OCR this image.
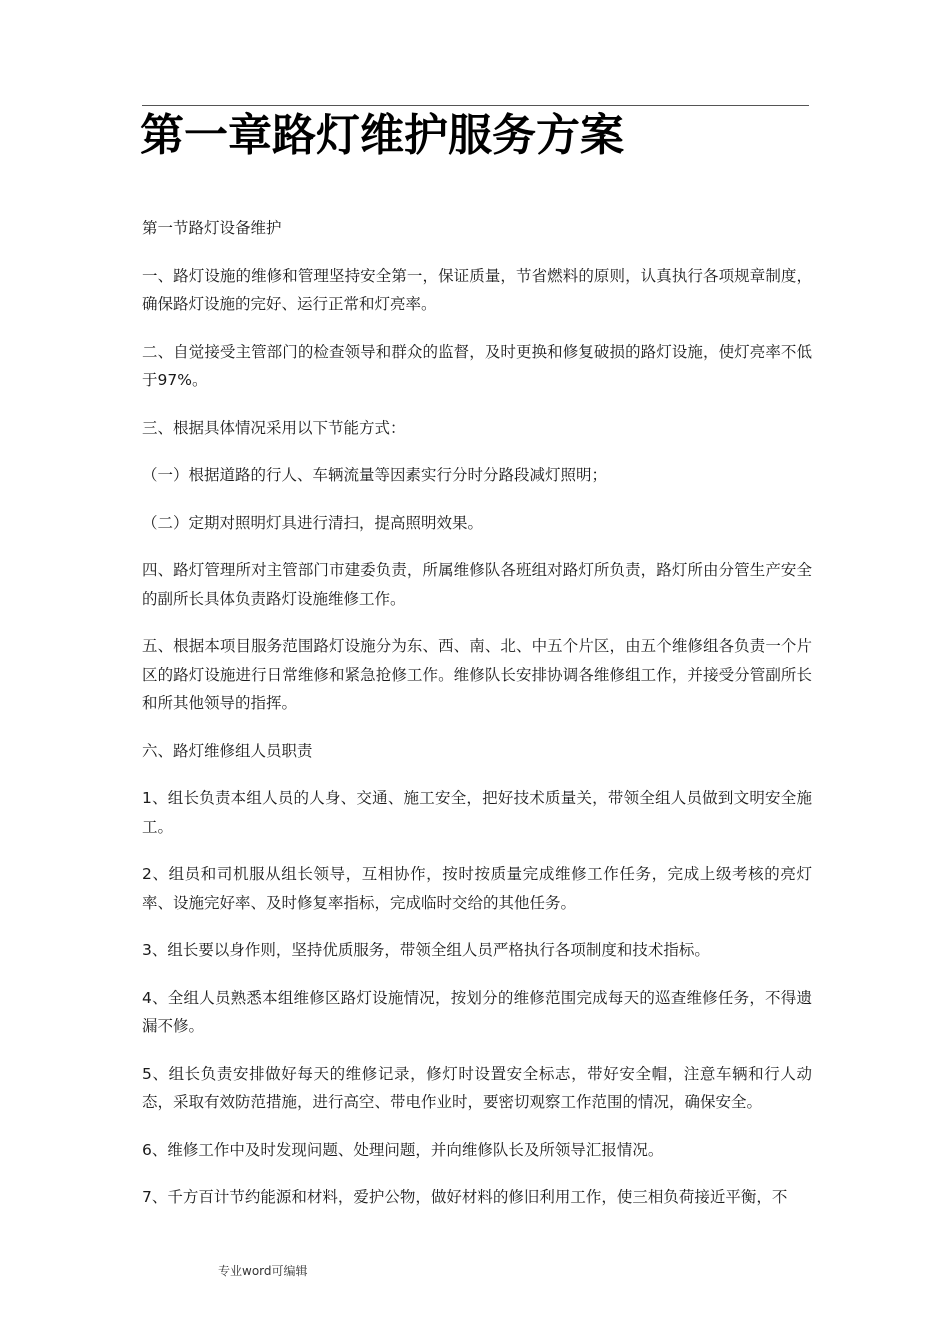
第一章路灯维护服务方案

第一节路灯设备维护

一、路灯设施的维修和管理坚持安全第一，保证质量，节省燃料的原则，认真执行各项规章制度，确保路灯设施的完好、运行正常和灯亮率。

二、自觉接受主管部门的检查领导和群众的监督，及时更换和修复破损的路灯设施，使灯亮率不低于97%。

三、根据具体情况采用以下节能方式：

（一）根据道路的行人、车辆流量等因素实行分时分路段减灯照明；

（二）定期对照明灯具进行清扫，提高照明效果。

四、路灯管理所对主管部门市建委负责，所属维修队各班组对路灯所负责，路灯所由分管生产安全的副所长具体负责路灯设施维修工作。

五、根据本项目服务范围路灯设施分为东、西、南、北、中五个片区，由五个维修组各负责一个片区的路灯设施进行日常维修和紧急抢修工作。维修队长安排协调各维修组工作，并接受分管副所长和所其他领导的指挥。

六、路灯维修组人员职责

1、组长负责本组人员的人身、交通、施工安全，把好技术质量关，带领全组人员做到文明安全施工。

2、组员和司机服从组长领导，互相协作，按时按质量完成维修工作任务，完成上级考核的亮灯率、设施完好率、及时修复率指标，完成临时交给的其他任务。

3、组长要以身作则，坚持优质服务，带领全组人员严格执行各项制度和技术指标。

4、全组人员熟悉本组维修区路灯设施情况，按划分的维修范围完成每天的巡查维修任务，不得遗漏不修。

5、组长负责安排做好每天的维修记录，修灯时设置安全标志，带好安全帽，注意车辆和行人动态，采取有效防范措施，进行高空、带电作业时，要密切观察工作范围的情况，确保安全。

6、维修工作中及时发现问题、处理问题，并向维修队长及所领导汇报情况。

7、千方百计节约能源和材料，爱护公物，做好材料的修旧利用工作，使三相负荷接近平衡，不

专业word可编辑
